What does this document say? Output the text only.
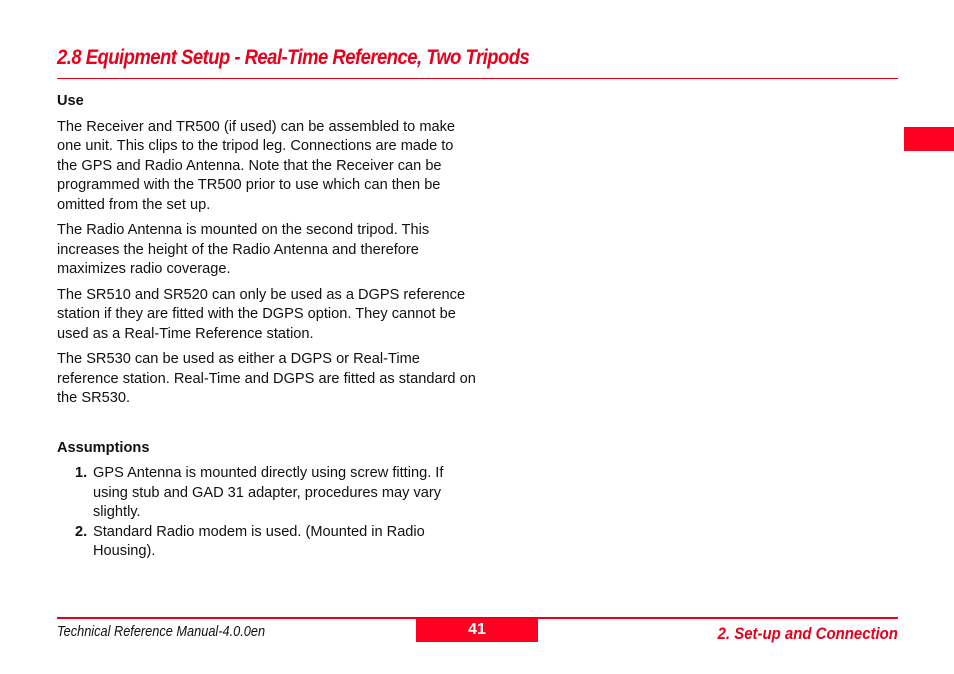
2.8 Equipment Setup - Real-Time Reference, Two Tripods
Use

The Receiver and TR500 (if used) can be assembled to make one unit. This clips to the tripod leg. Connections are made to the GPS and Radio Antenna. Note that the Receiver can be programmed with the TR500 prior to use which can then be omitted from the set up.

The Radio Antenna is mounted on the second tripod. This increases the height of the Radio Antenna and therefore maximizes radio coverage.

The SR510 and SR520 can only be used as a DGPS reference station if they are fitted with the DGPS option. They cannot be used as a Real-Time Reference station.

The SR530 can be used as either a DGPS or Real-Time reference station. Real-Time and DGPS are fitted as standard on the SR530.

Assumptions
1. GPS Antenna is mounted directly using screw fitting. If using stub and GAD 31 adapter, procedures may vary slightly.
2. Standard Radio modem is used. (Mounted in Radio Housing).
Technical Reference Manual-4.0.0en	41	2. Set-up and Connection
